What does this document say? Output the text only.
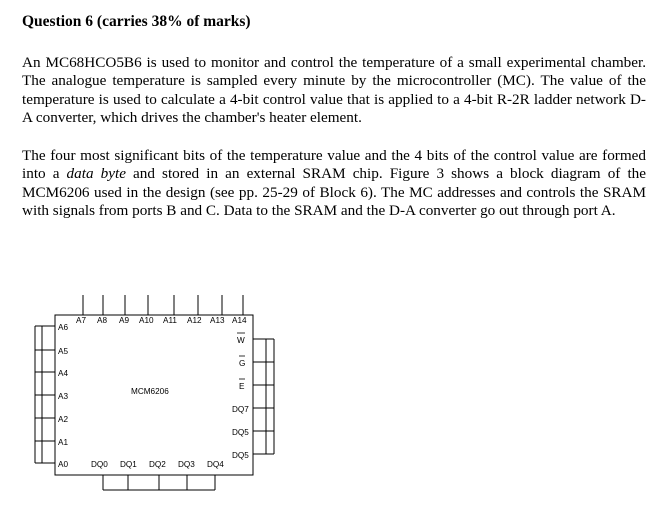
Question 6 (carries 38% of marks)

An MC68HCO5B6 is used to monitor and control the temperature of a small experimental chamber. The analogue temperature is sampled every minute by the microcontroller (MC). The value of the temperature is used to calculate a 4-bit control value that is applied to a 4-bit R-2R ladder network D-A converter, which drives the chamber's heater element.

The four most significant bits of the temperature value and the 4 bits of the control value are formed into a data byte and stored in an external SRAM chip. Figure 3 shows a block diagram of the MCM6206 used in the design (see pp. 25-29 of Block 6). The MC addresses and controls the SRAM with signals from ports B and C. Data to the SRAM and the D-A converter go out through port A.

A7 A8 A9 A10 A11 A12 A13 A14
A6
A5
A4
A3
A2
A1
A0
MCM6206
W
G
E
DQ7
DQ5
DQ5
DQ0 DQ1 DQ2 DQ3 DQ4
